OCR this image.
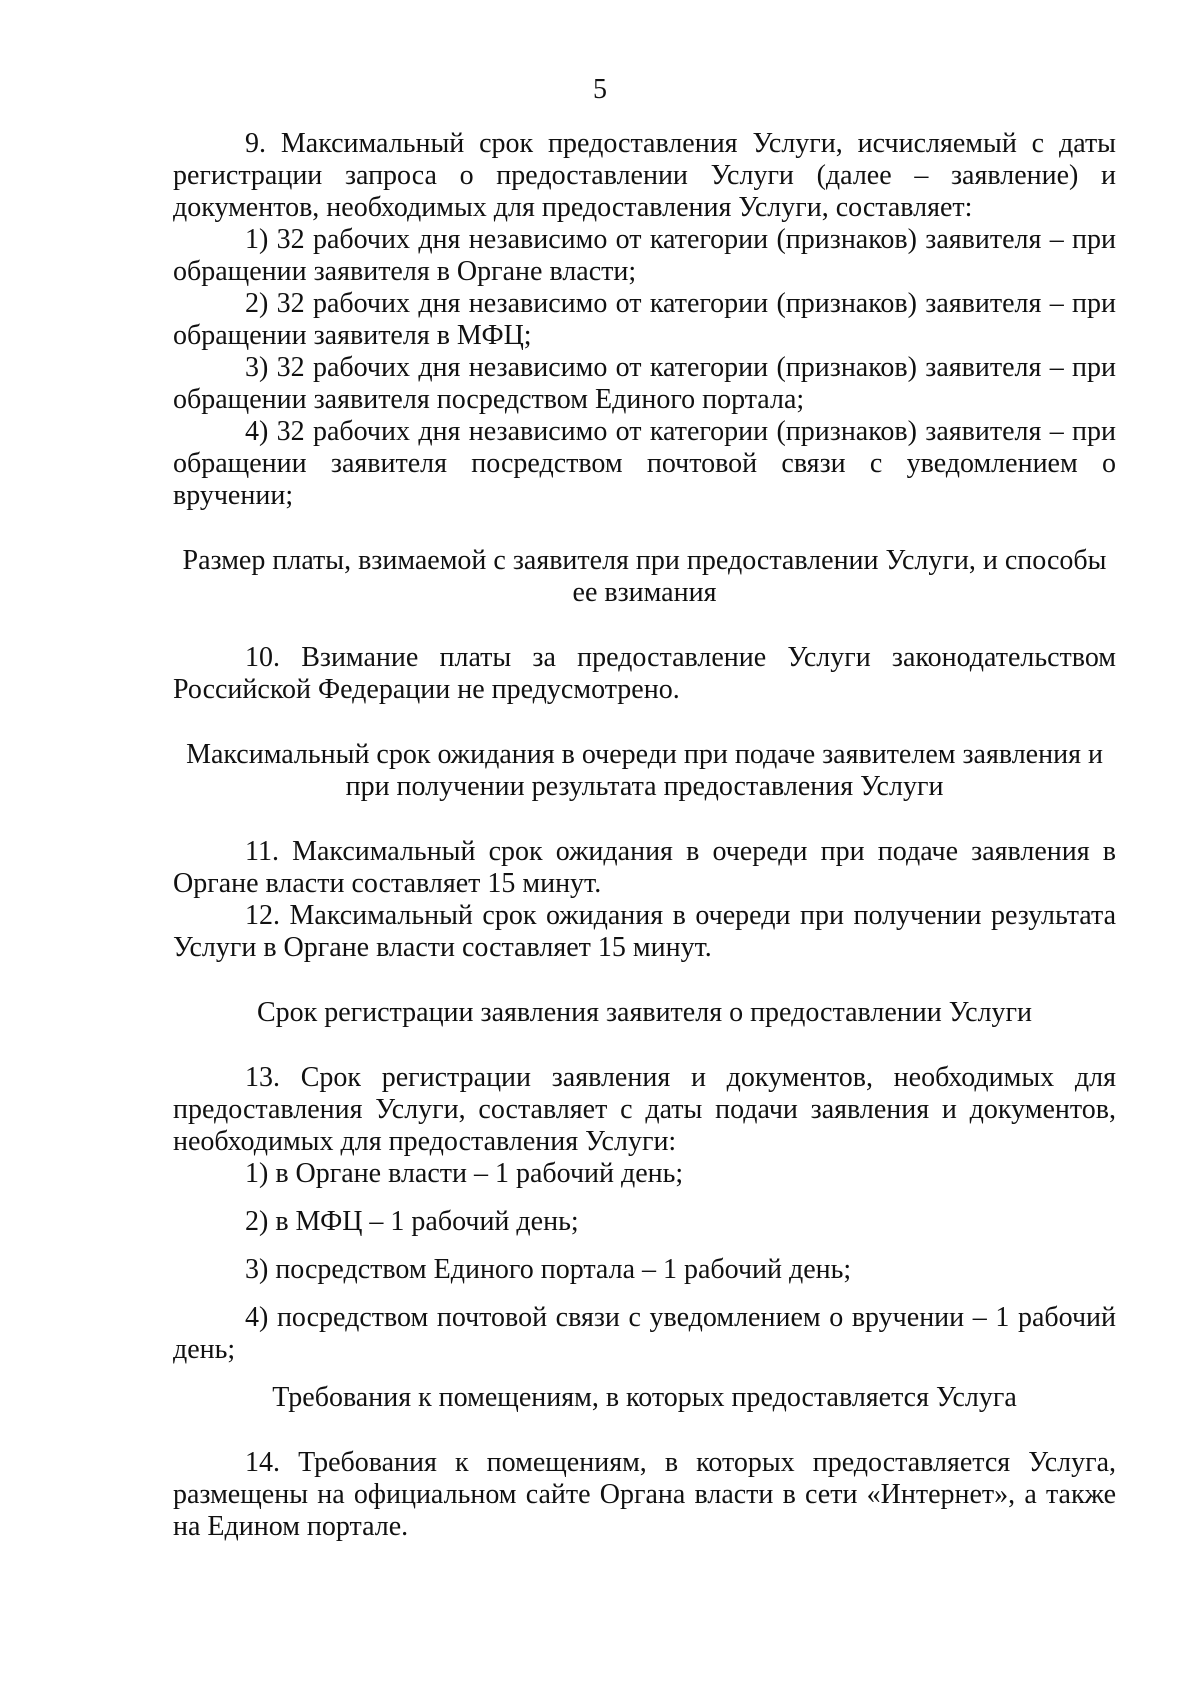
5

9. Максимальный срок предоставления Услуги, исчисляемый с даты регистрации запроса о предоставлении Услуги (далее – заявление) и документов, необходимых для предоставления Услуги, составляет:

1) 32 рабочих дня независимо от категории (признаков) заявителя – при обращении заявителя в Органе власти;

2) 32 рабочих дня независимо от категории (признаков) заявителя – при обращении заявителя в МФЦ;

3) 32 рабочих дня независимо от категории (признаков) заявителя – при обращении заявителя посредством Единого портала;

4) 32 рабочих дня независимо от категории (признаков) заявителя – при обращении заявителя посредством почтовой связи с уведомлением о вручении;

Размер платы, взимаемой с заявителя при предоставлении Услуги, и способы ее взимания

10. Взимание платы за предоставление Услуги законодательством Российской Федерации не предусмотрено.

Максимальный срок ожидания в очереди при подаче заявителем заявления и при получении результата предоставления Услуги

11. Максимальный срок ожидания в очереди при подаче заявления в Органе власти составляет 15 минут.

12. Максимальный срок ожидания в очереди при получении результата Услуги в Органе власти составляет 15 минут.

Срок регистрации заявления заявителя о предоставлении Услуги

13. Срок регистрации заявления и документов, необходимых для предоставления Услуги, составляет с даты подачи заявления и документов, необходимых для предоставления Услуги:

1) в Органе власти – 1 рабочий день;

2) в МФЦ – 1 рабочий день;

3) посредством Единого портала – 1 рабочий день;

4) посредством почтовой связи с уведомлением о вручении – 1 рабочий день;

Требования к помещениям, в которых предоставляется Услуга

14. Требования к помещениям, в которых предоставляется Услуга, размещены на официальном сайте Органа власти в сети «Интернет», а также на Едином портале.
